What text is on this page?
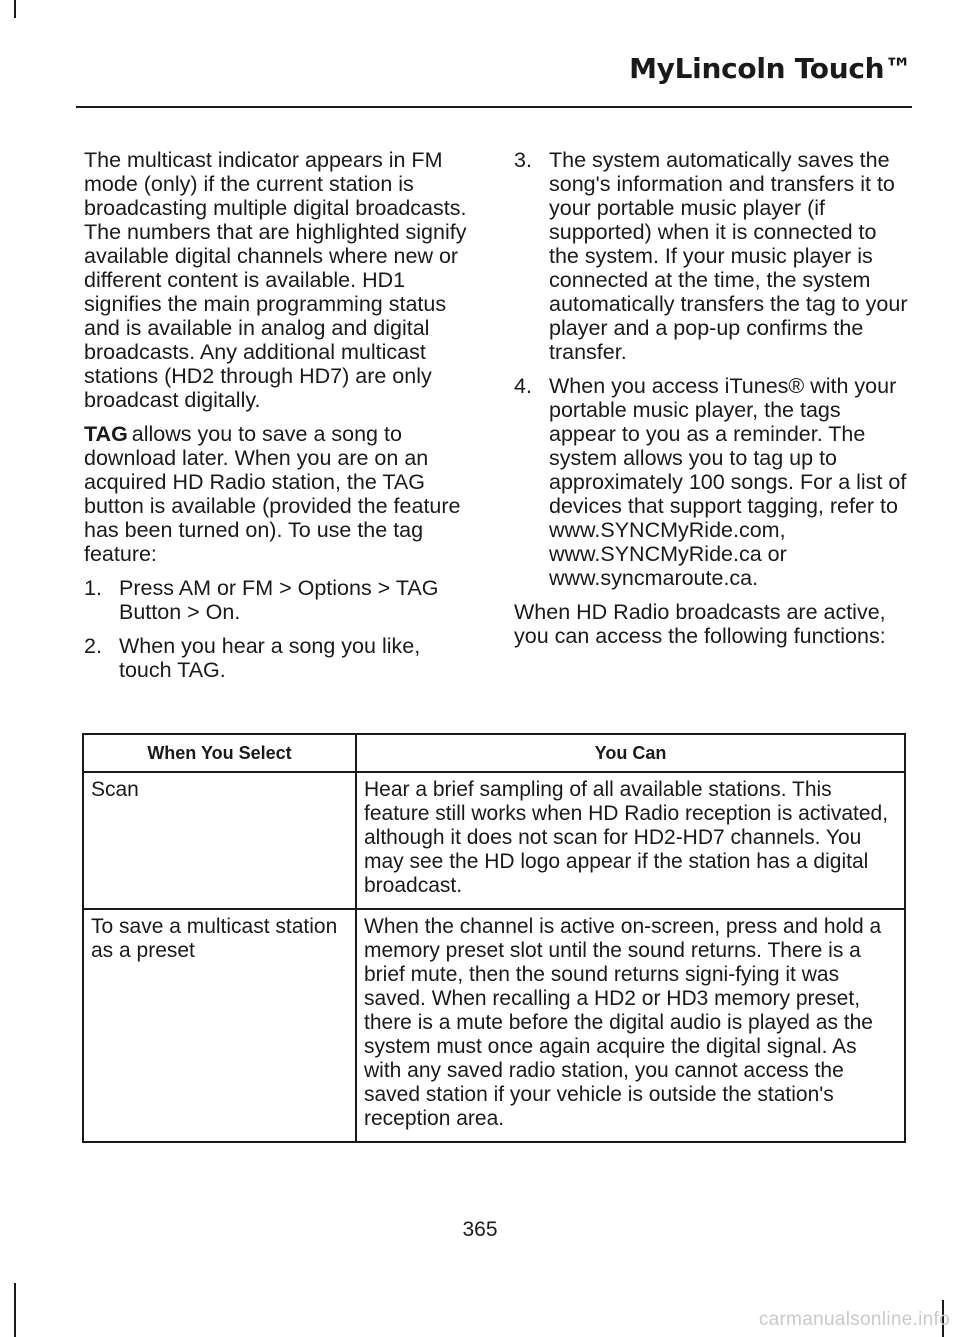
MyLincoln Touch™

The multicast indicator appears in FM mode (only) if the current station is broadcasting multiple digital broadcasts. The numbers that are highlighted signify available digital channels where new or different content is available. HD1 signifies the main programming status and is available in analog and digital broadcasts. Any additional multicast stations (HD2 through HD7) are only broadcast digitally.

TAG allows you to save a song to download later. When you are on an acquired HD Radio station, the TAG button is available (provided the feature has been turned on). To use the tag feature:

1. Press AM or FM > Options > TAG Button > On.
2. When you hear a song you like, touch TAG.
3. The system automatically saves the song's information and transfers it to your portable music player (if supported) when it is connected to the system. If your music player is connected at the time, the system automatically transfers the tag to your player and a pop-up confirms the transfer.
4. When you access iTunes® with your portable music player, the tags appear to you as a reminder. The system allows you to tag up to approximately 100 songs. For a list of devices that support tagging, refer to www.SYNCMyRide.com, www.SYNCMyRide.ca or www.syncmaroute.ca.

When HD Radio broadcasts are active, you can access the following functions:

When You Select	You Can
Scan	Hear a brief sampling of all available stations. This feature still works when HD Radio reception is activated, although it does not scan for HD2-HD7 channels. You may see the HD logo appear if the station has a digital broadcast.
To save a multicast station as a preset	When the channel is active on-screen, press and hold a memory preset slot until the sound returns. There is a brief mute, then the sound returns signi-fying it was saved. When recalling a HD2 or HD3 memory preset, there is a mute before the digital audio is played as the system must once again acquire the digital signal. As with any saved radio station, you cannot access the saved station if your vehicle is outside the station's reception area.
365
carmanualsonline.info
